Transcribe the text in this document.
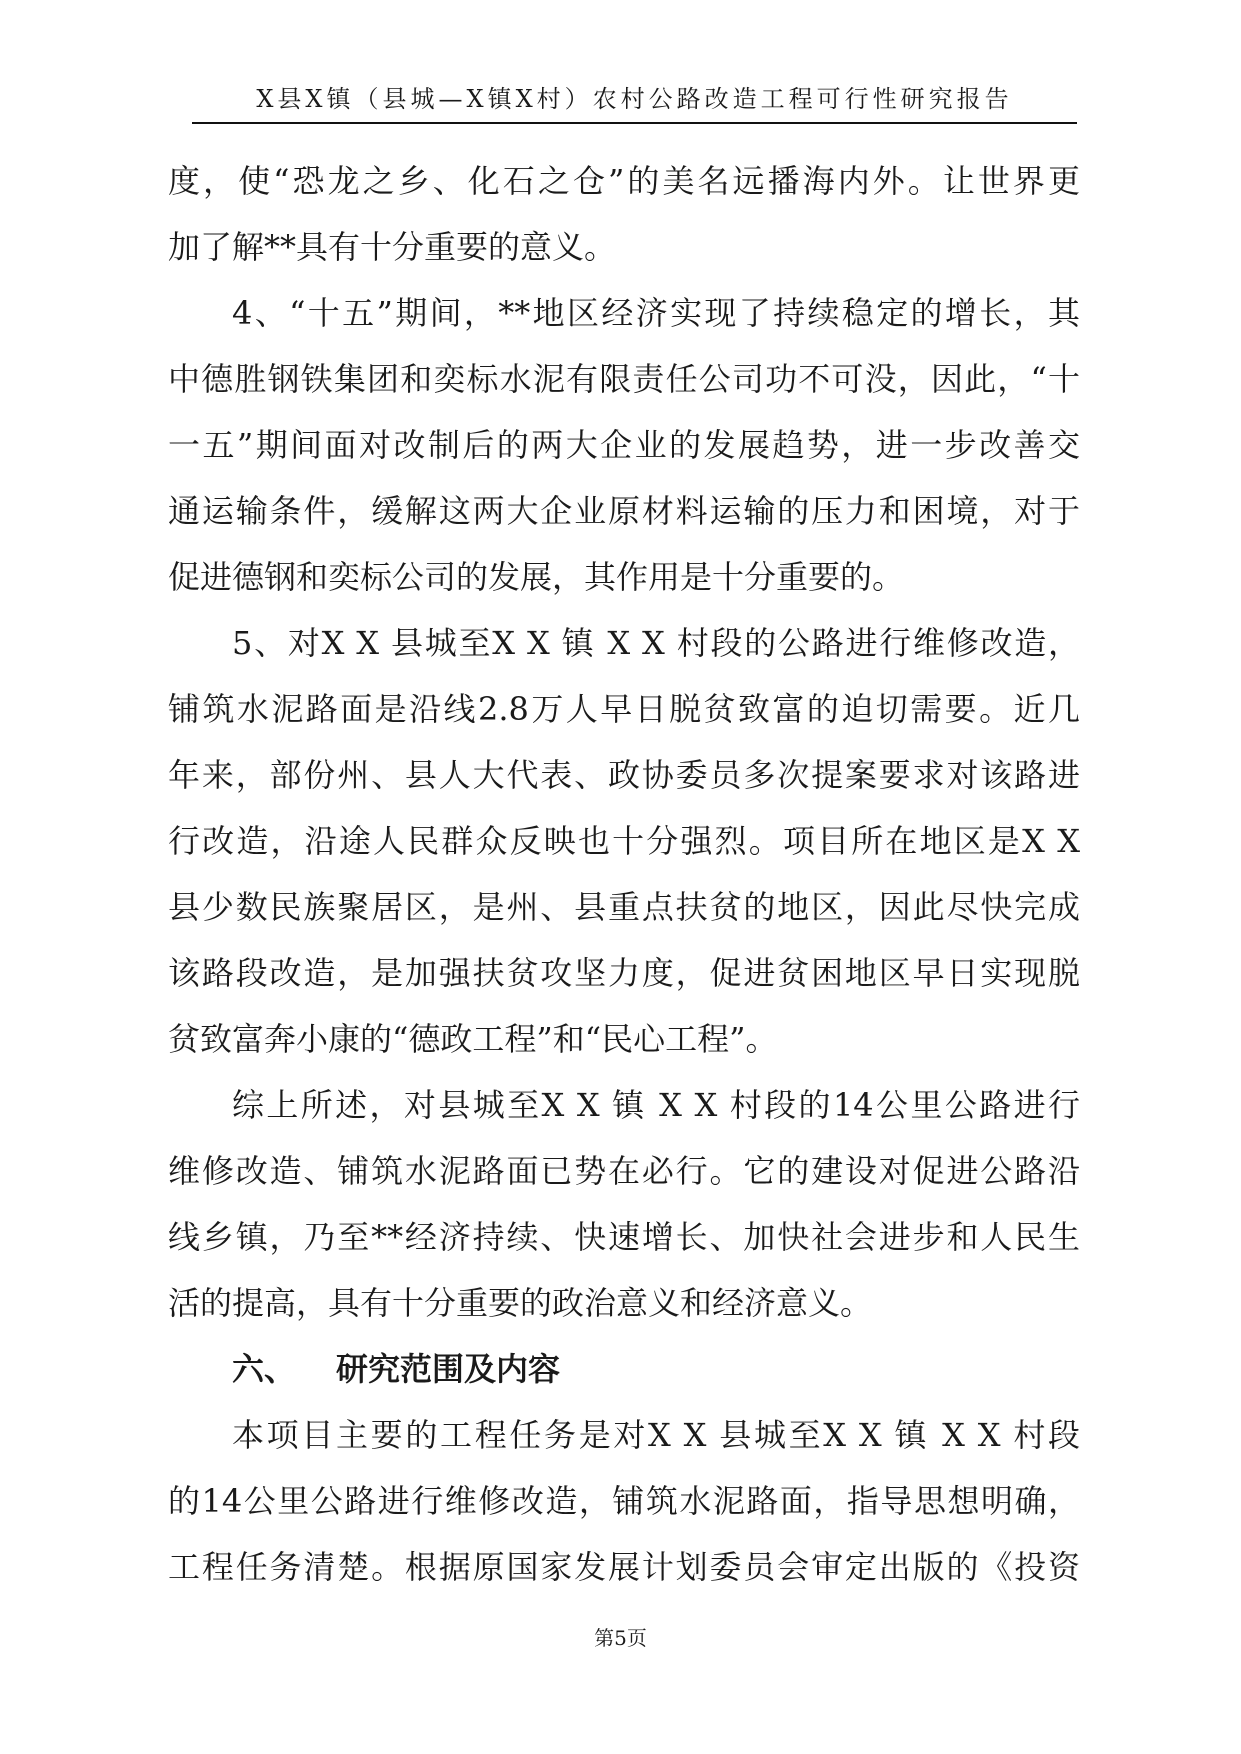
X县X镇（县城—X镇X村）农村公路改造工程可行性研究报告
度，使“恐龙之乡、化石之仓”的美名远播海内外。让世界更
加了解**具有十分重要的意义。
4、“十五”期间，**地区经济实现了持续稳定的增长，其
中德胜钢铁集团和奕标水泥有限责任公司功不可没，因此，“十
一五”期间面对改制后的两大企业的发展趋势，进一步改善交
通运输条件，缓解这两大企业原材料运输的压力和困境，对于
促进德钢和奕标公司的发展，其作用是十分重要的。
5、对X X 县城至X X 镇 X X 村段的公路进行维修改造，
铺筑水泥路面是沿线2.8万人早日脱贫致富的迫切需要。近几
年来，部份州、县人大代表、政协委员多次提案要求对该路进
行改造，沿途人民群众反映也十分强烈。项目所在地区是X X
县少数民族聚居区，是州、县重点扶贫的地区，因此尽快完成
该路段改造，是加强扶贫攻坚力度，促进贫困地区早日实现脱
贫致富奔小康的“德政工程”和“民心工程”。
综上所述，对县城至X X 镇 X X 村段的14公里公路进行
维修改造、铺筑水泥路面已势在必行。它的建设对促进公路沿
线乡镇，乃至**经济持续、快速增长、加快社会进步和人民生
活的提高，具有十分重要的政治意义和经济意义。
六、 研究范围及内容
本项目主要的工程任务是对X X 县城至X X 镇 X X 村段
的14公里公路进行维修改造，铺筑水泥路面，指导思想明确，
工程任务清楚。根据原国家发展计划委员会审定出版的《投资
第5页
